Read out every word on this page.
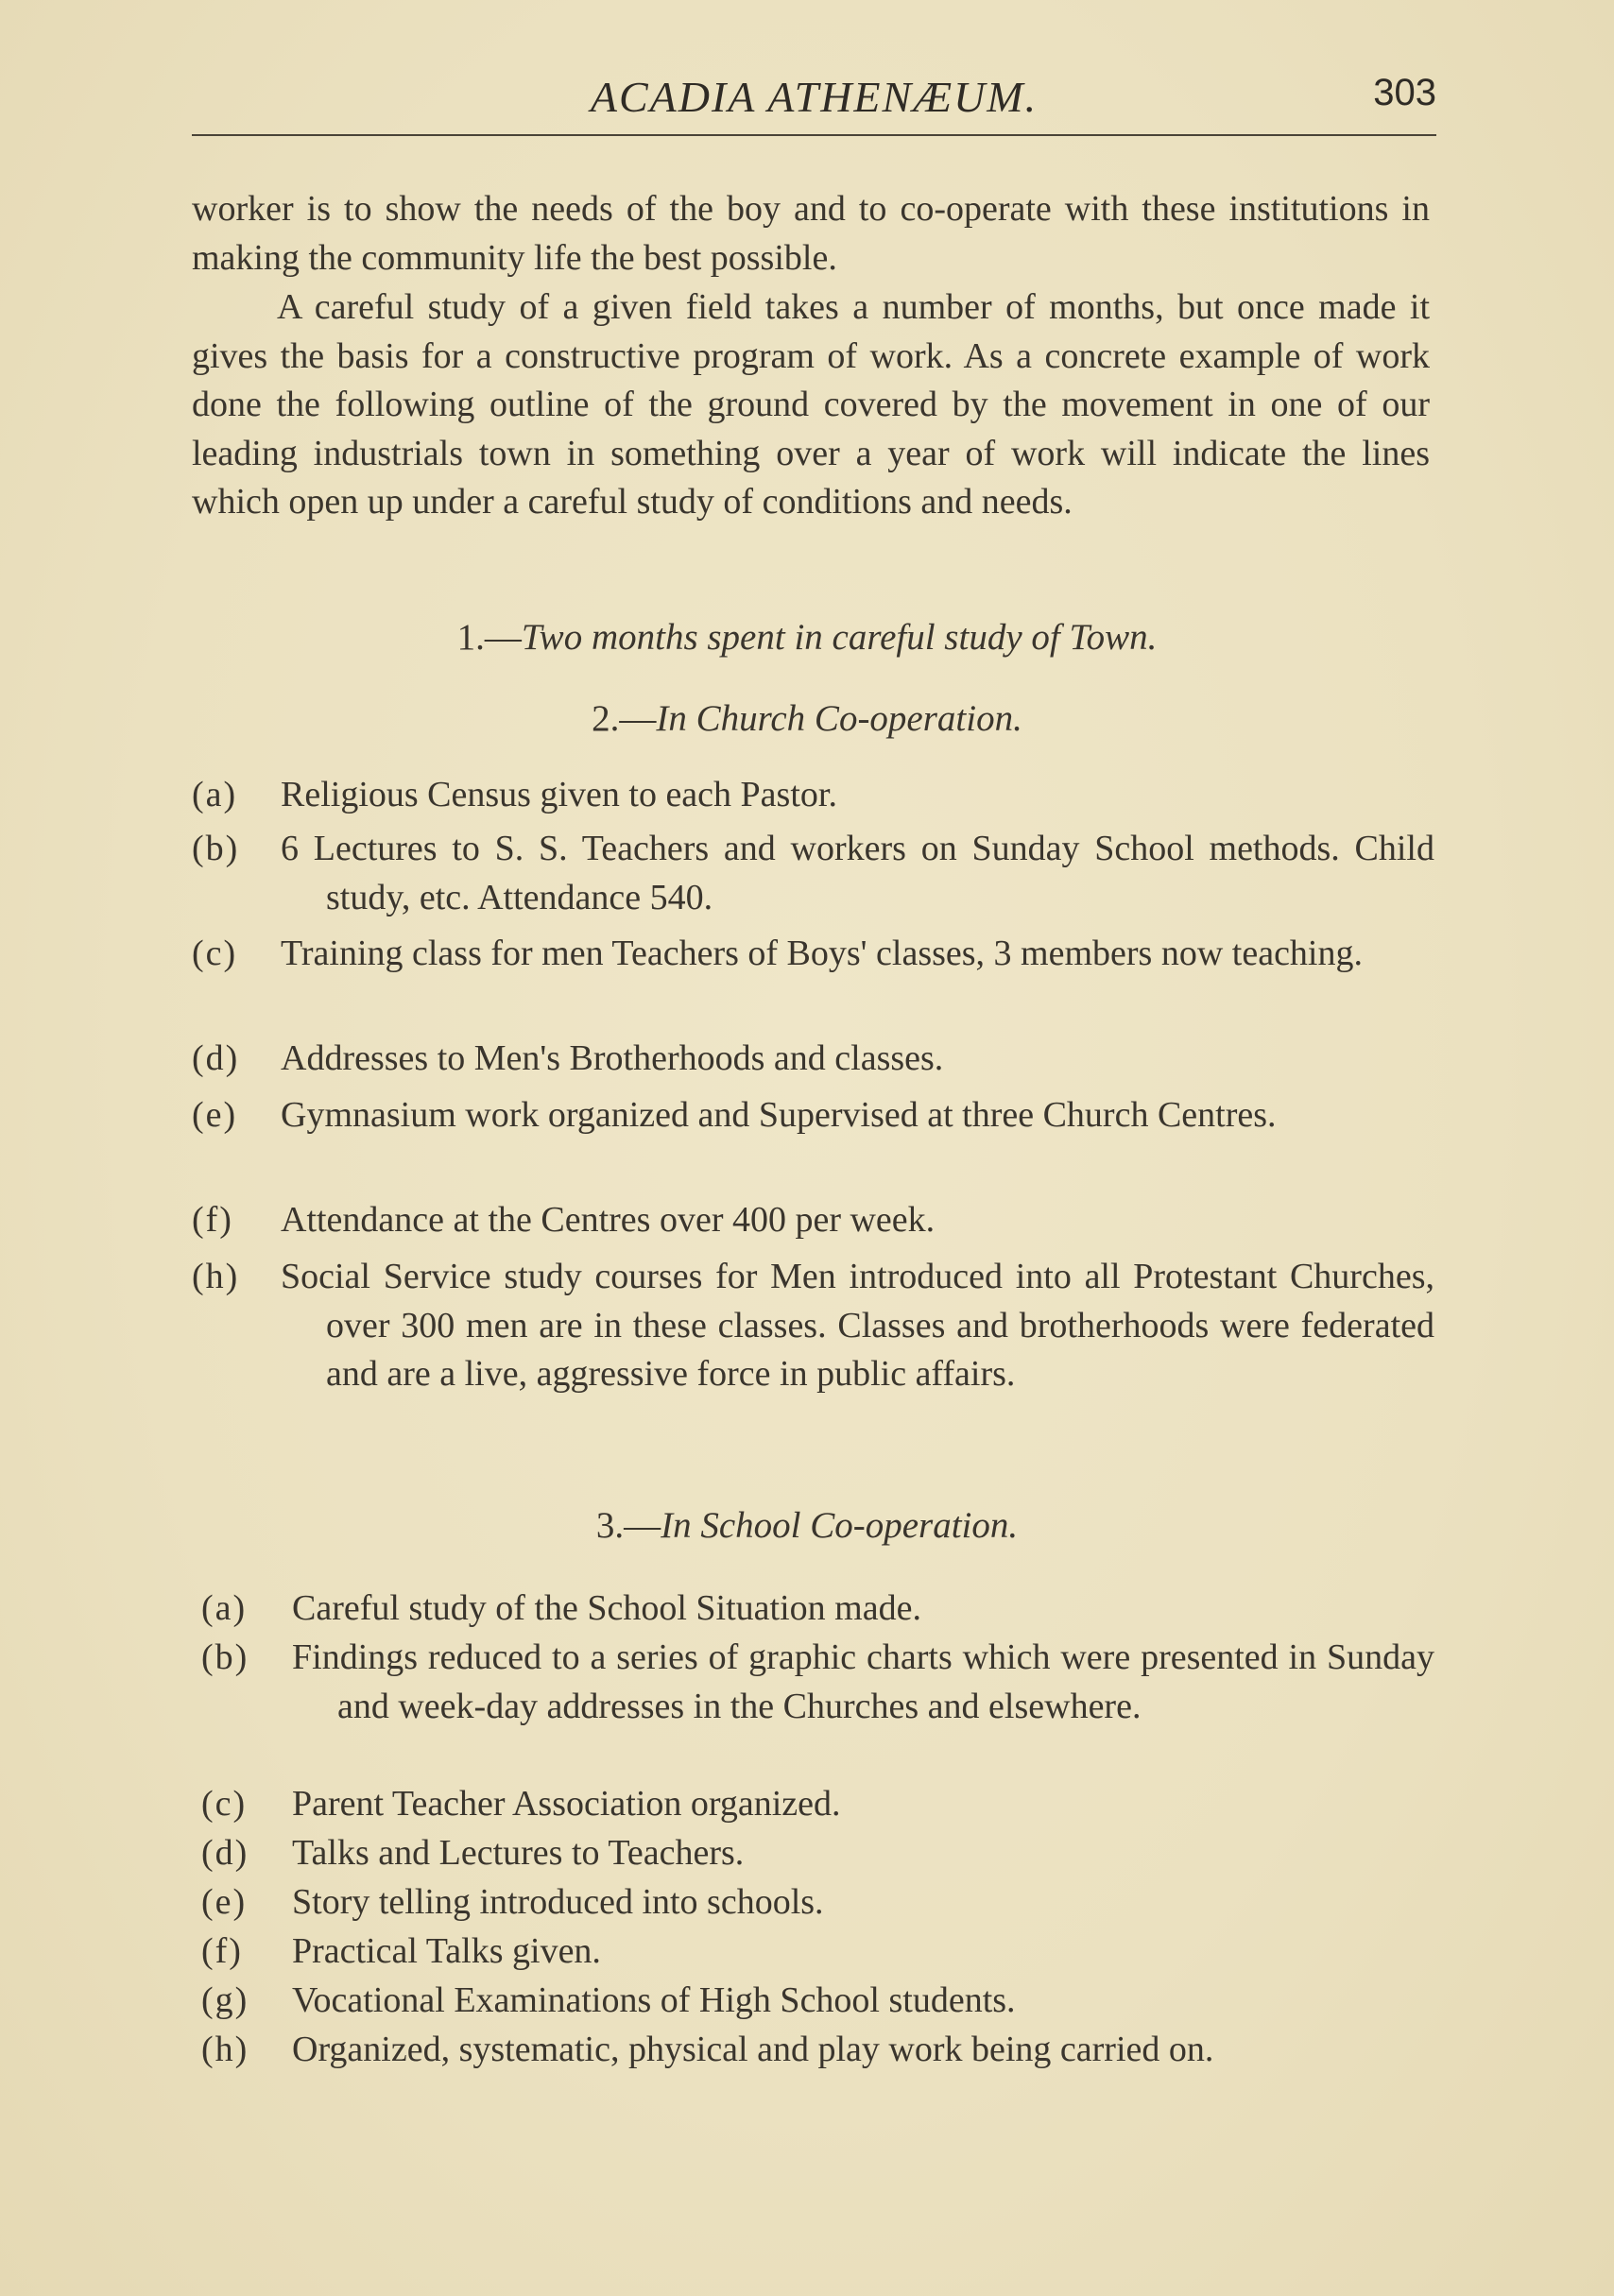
ACADIA ATHENÆUM.	303

worker is to show the needs of the boy and to co-operate with these institutions in making the community life the best possible.

A careful study of a given field takes a number of months, but once made it gives the basis for a constructive program of work. As a concrete example of work done the following outline of the ground covered by the movement in one of our leading industrials town in something over a year of work will indicate the lines which open up under a careful study of conditions and needs.

1.—Two months spent in careful study of Town.
2.—In Church Co-operation.
(a)	Religious Census given to each Pastor.
(b)	6 Lectures to S. S. Teachers and workers on Sunday School methods. Child study, etc. Attendance 540.
(c)	Training class for men Teachers of Boys' classes, 3 members now teaching.
(d)	Addresses to Men's Brotherhoods and classes.
(e)	Gymnasium work organized and Supervised at three Church Centres.
(f)	Attendance at the Centres over 400 per week.
(h)	Social Service study courses for Men introduced into all Protestant Churches, over 300 men are in these classes. Classes and brotherhoods were federated and are a live, aggressive force in public affairs.
3.—In School Co-operation.
(a)	Careful study of the School Situation made.
(b)	Findings reduced to a series of graphic charts which were presented in Sunday and week-day addresses in the Churches and elsewhere.
(c)	Parent Teacher Association organized.
(d)	Talks and Lectures to Teachers.
(e)	Story telling introduced into schools.
(f)	Practical Talks given.
(g)	Vocational Examinations of High School students.
(h)	Organized, systematic, physical and play work being carried on.
